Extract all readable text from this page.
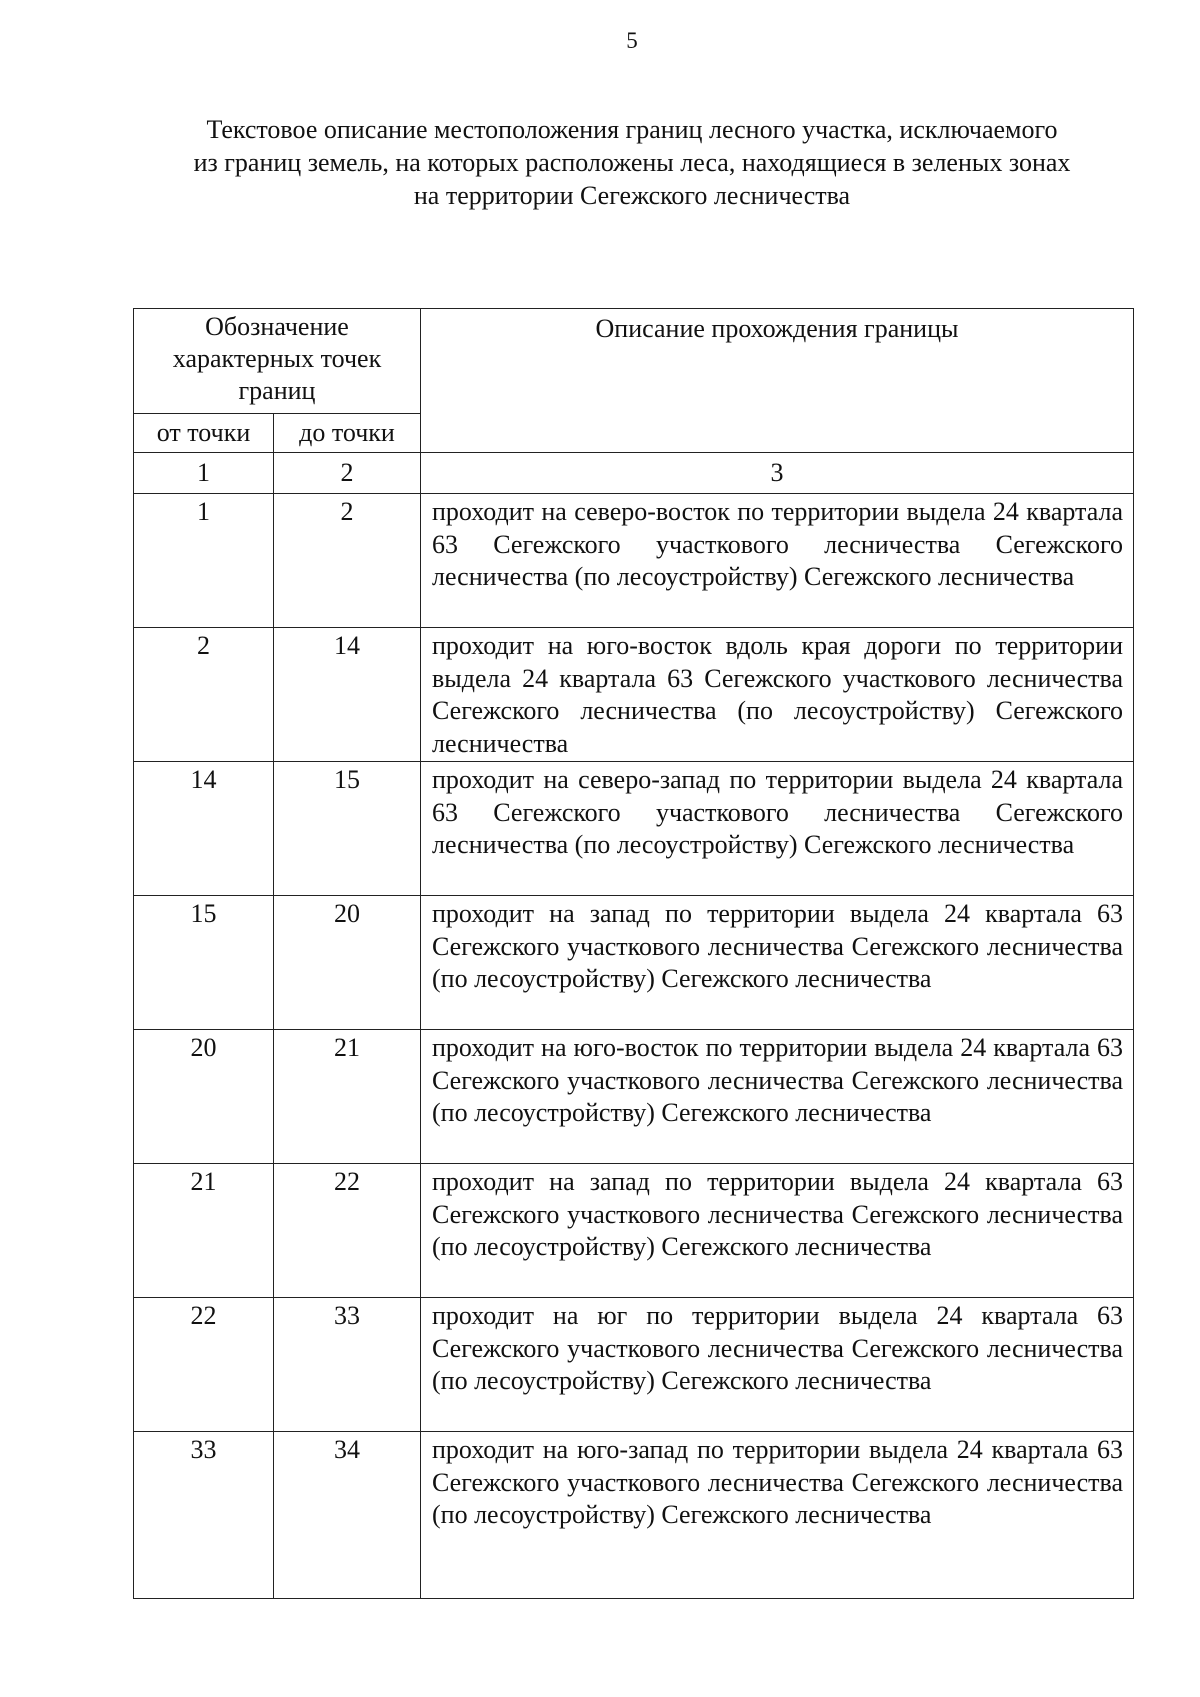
5
Текстовое описание местоположения границ лесного участка, исключаемого
из границ земель, на которых расположены леса, находящиеся в зеленых зонах
на территории Сегежского лесничества
Обозначение характерных точек границ		Описание прохождения границы
от точки	до точки	
1	2	3
1	2	проходит на северо-восток по территории выдела 24 квартала 63 Сегежского участкового лесничества Сегежского лесничества (по лесоустройству) Сегежского лесничества
2	14	проходит на юго-восток вдоль края дороги по территории выдела 24 квартала 63 Сегежского участкового лесничества Сегежского лесничества (по лесоустройству) Сегежского лесничества
14	15	проходит на северо-запад по территории выдела 24 квартала 63 Сегежского участкового лесничества Сегежского лесничества (по лесоустройству) Сегежского лесничества
15	20	проходит на запад по территории выдела 24 квартала 63 Сегежского участкового лесничества Сегежского лесничества (по лесоустройству) Сегежского лесничества
20	21	проходит на юго-восток по территории выдела 24 квартала 63 Сегежского участкового лесничества Сегежского лесничества (по лесоустройству) Сегежского лесничества
21	22	проходит на запад по территории выдела 24 квартала 63 Сегежского участкового лесничества Сегежского лесничества (по лесоустройству) Сегежского лесничества
22	33	проходит на юг по территории выдела 24 квартала 63 Сегежского участкового лесничества Сегежского лесничества (по лесоустройству) Сегежского лесничества
33	34	проходит на юго-запад по территории выдела 24 квартала 63 Сегежского участкового лесничества Сегежского лесничества (по лесоустройству) Сегежского лесничества
